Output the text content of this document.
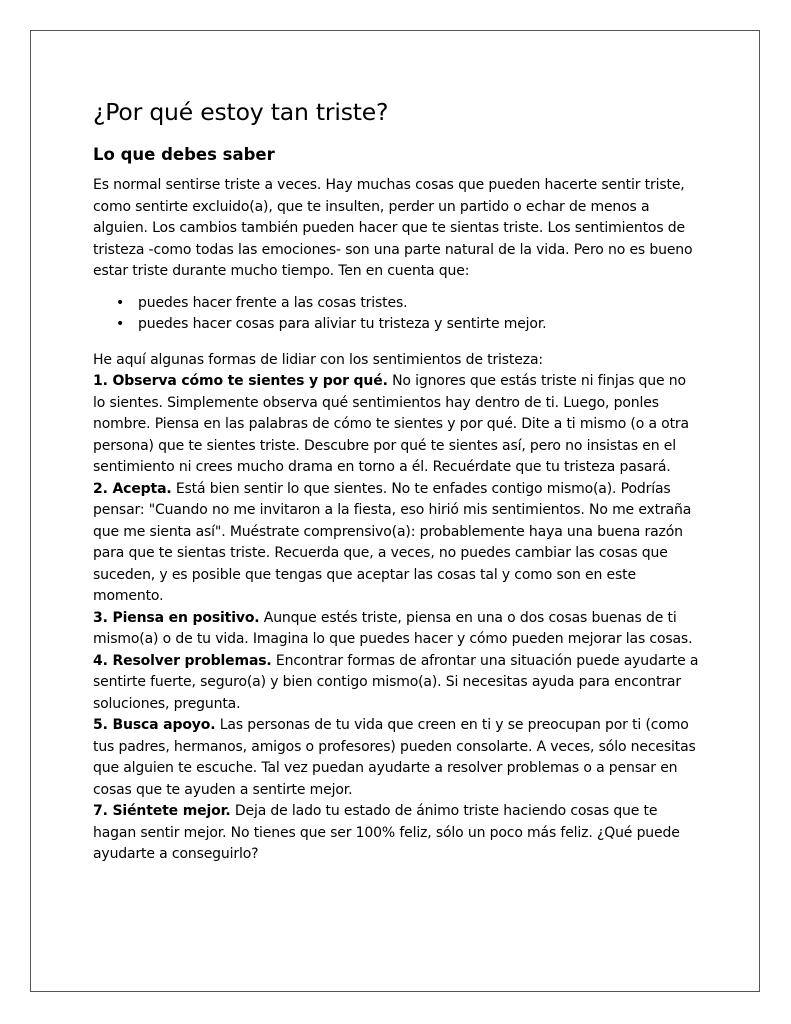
¿Por qué estoy tan triste?
Lo que debes saber

Es normal sentirse triste a veces. Hay muchas cosas que pueden hacerte sentir triste, como sentirte excluido(a), que te insulten, perder un partido o echar de menos a alguien. Los cambios también pueden hacer que te sientas triste. Los sentimientos de tristeza -como todas las emociones- son una parte natural de la vida. Pero no es bueno estar triste durante mucho tiempo. Ten en cuenta que:

• puedes hacer frente a las cosas tristes.
• puedes hacer cosas para aliviar tu tristeza y sentirte mejor.

He aquí algunas formas de lidiar con los sentimientos de tristeza:

1. Observa cómo te sientes y por qué. No ignores que estás triste ni finjas que no lo sientes. Simplemente observa qué sentimientos hay dentro de ti. Luego, ponles nombre. Piensa en las palabras de cómo te sientes y por qué. Dite a ti mismo (o a otra persona) que te sientes triste. Descubre por qué te sientes así, pero no insistas en el sentimiento ni crees mucho drama en torno a él. Recuérdate que tu tristeza pasará.

2. Acepta. Está bien sentir lo que sientes. No te enfades contigo mismo(a). Podrías pensar: "Cuando no me invitaron a la fiesta, eso hirió mis sentimientos. No me extraña que me sienta así". Muéstrate comprensivo(a): probablemente haya una buena razón para que te sientas triste. Recuerda que, a veces, no puedes cambiar las cosas que suceden, y es posible que tengas que aceptar las cosas tal y como son en este momento.

3. Piensa en positivo. Aunque estés triste, piensa en una o dos cosas buenas de ti mismo(a) o de tu vida. Imagina lo que puedes hacer y cómo pueden mejorar las cosas.

4. Resolver problemas. Encontrar formas de afrontar una situación puede ayudarte a sentirte fuerte, seguro(a) y bien contigo mismo(a). Si necesitas ayuda para encontrar soluciones, pregunta.

5. Busca apoyo. Las personas de tu vida que creen en ti y se preocupan por ti (como tus padres, hermanos, amigos o profesores) pueden consolarte. A veces, sólo necesitas que alguien te escuche. Tal vez puedan ayudarte a resolver problemas o a pensar en cosas que te ayuden a sentirte mejor.

7. Siéntete mejor. Deja de lado tu estado de ánimo triste haciendo cosas que te hagan sentir mejor. No tienes que ser 100% feliz, sólo un poco más feliz. ¿Qué puede ayudarte a conseguirlo?
